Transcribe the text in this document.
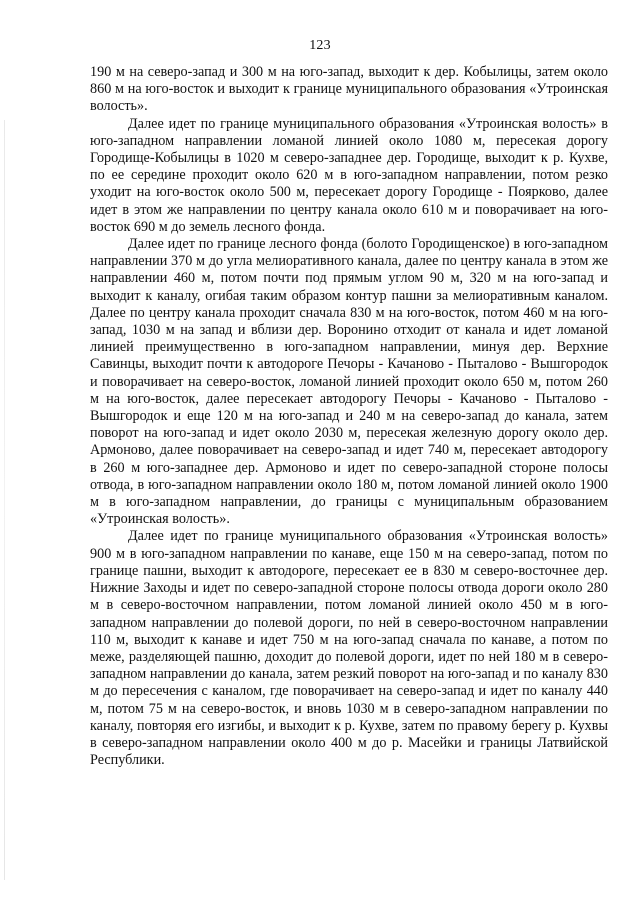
123

190 м на северо-запад и 300 м на юго-запад, выходит к дер. Кобылицы, затем около 860 м на юго-восток и выходит к границе муниципального образования «Утроинская волость».

Далее идет по границе муниципального образования «Утроинская волость» в юго-западном направлении ломаной линией около 1080 м, пересекая дорогу Городище-Кобылицы в 1020 м северо-западнее дер. Городище, выходит к р. Кухве, по ее середине проходит около 620 м в юго-западном направлении, потом резко уходит на юго-восток около 500 м, пересекает дорогу Городище - Поярково, далее идет в этом же направлении по центру канала около 610 м и поворачивает на юго-восток 690 м до земель лесного фонда.

Далее идет по границе лесного фонда (болото Городищенское) в юго-западном направлении 370 м до угла мелиоративного канала, далее по центру канала в этом же направлении 460 м, потом почти под прямым углом 90 м, 320 м на юго-запад и выходит к каналу, огибая таким образом контур пашни за мелиоративным каналом. Далее по центру канала проходит сначала 830 м на юго-восток, потом 460 м на юго-запад, 1030 м на запад и вблизи дер. Воронино отходит от канала и идет ломаной линией преимущественно в юго-западном направлении, минуя дер. Верхние Савинцы, выходит почти к автодороге Печоры - Качаново - Пыталово - Вышгородок и поворачивает на северо-восток, ломаной линией проходит около 650 м, потом 260 м на юго-восток, далее пересекает автодорогу Печоры - Качаново - Пыталово - Вышгородок и еще 120 м на юго-запад и 240 м на северо-запад до канала, затем поворот на юго-запад и идет около 2030 м, пересекая железную дорогу около дер. Армоново, далее поворачивает на северо-запад и идет 740 м, пересекает автодорогу в 260 м юго-западнее дер. Армоново и идет по северо-западной стороне полосы отвода, в юго-западном направлении около 180 м, потом ломаной линией около 1900 м в юго-западном направлении, до границы с муниципальным образованием «Утроинская волость».

Далее идет по границе муниципального образования «Утроинская волость» 900 м в юго-западном направлении по канаве, еще 150 м на северо-запад, потом по границе пашни, выходит к автодороге, пересекает ее в 830 м северо-восточнее дер. Нижние Заходы и идет по северо-западной стороне полосы отвода дороги около 280 м в северо-восточном направлении, потом ломаной линией около 450 м в юго-западном направлении до полевой дороги, по ней в северо-восточном направлении 110 м, выходит к канаве и идет 750 м на юго-запад сначала по канаве, а потом по меже, разделяющей пашню, доходит до полевой дороги, идет по ней 180 м в северо-западном направлении до канала, затем резкий поворот на юго-запад и по каналу 830 м до пересечения с каналом, где поворачивает на северо-запад и идет по каналу 440 м, потом 75 м на северо-восток, и вновь 1030 м в северо-западном направлении по каналу, повторяя его изгибы, и выходит к р. Кухве, затем по правому берегу р. Кухвы в северо-западном направлении около 400 м до р. Масейки и границы Латвийской Республики.
